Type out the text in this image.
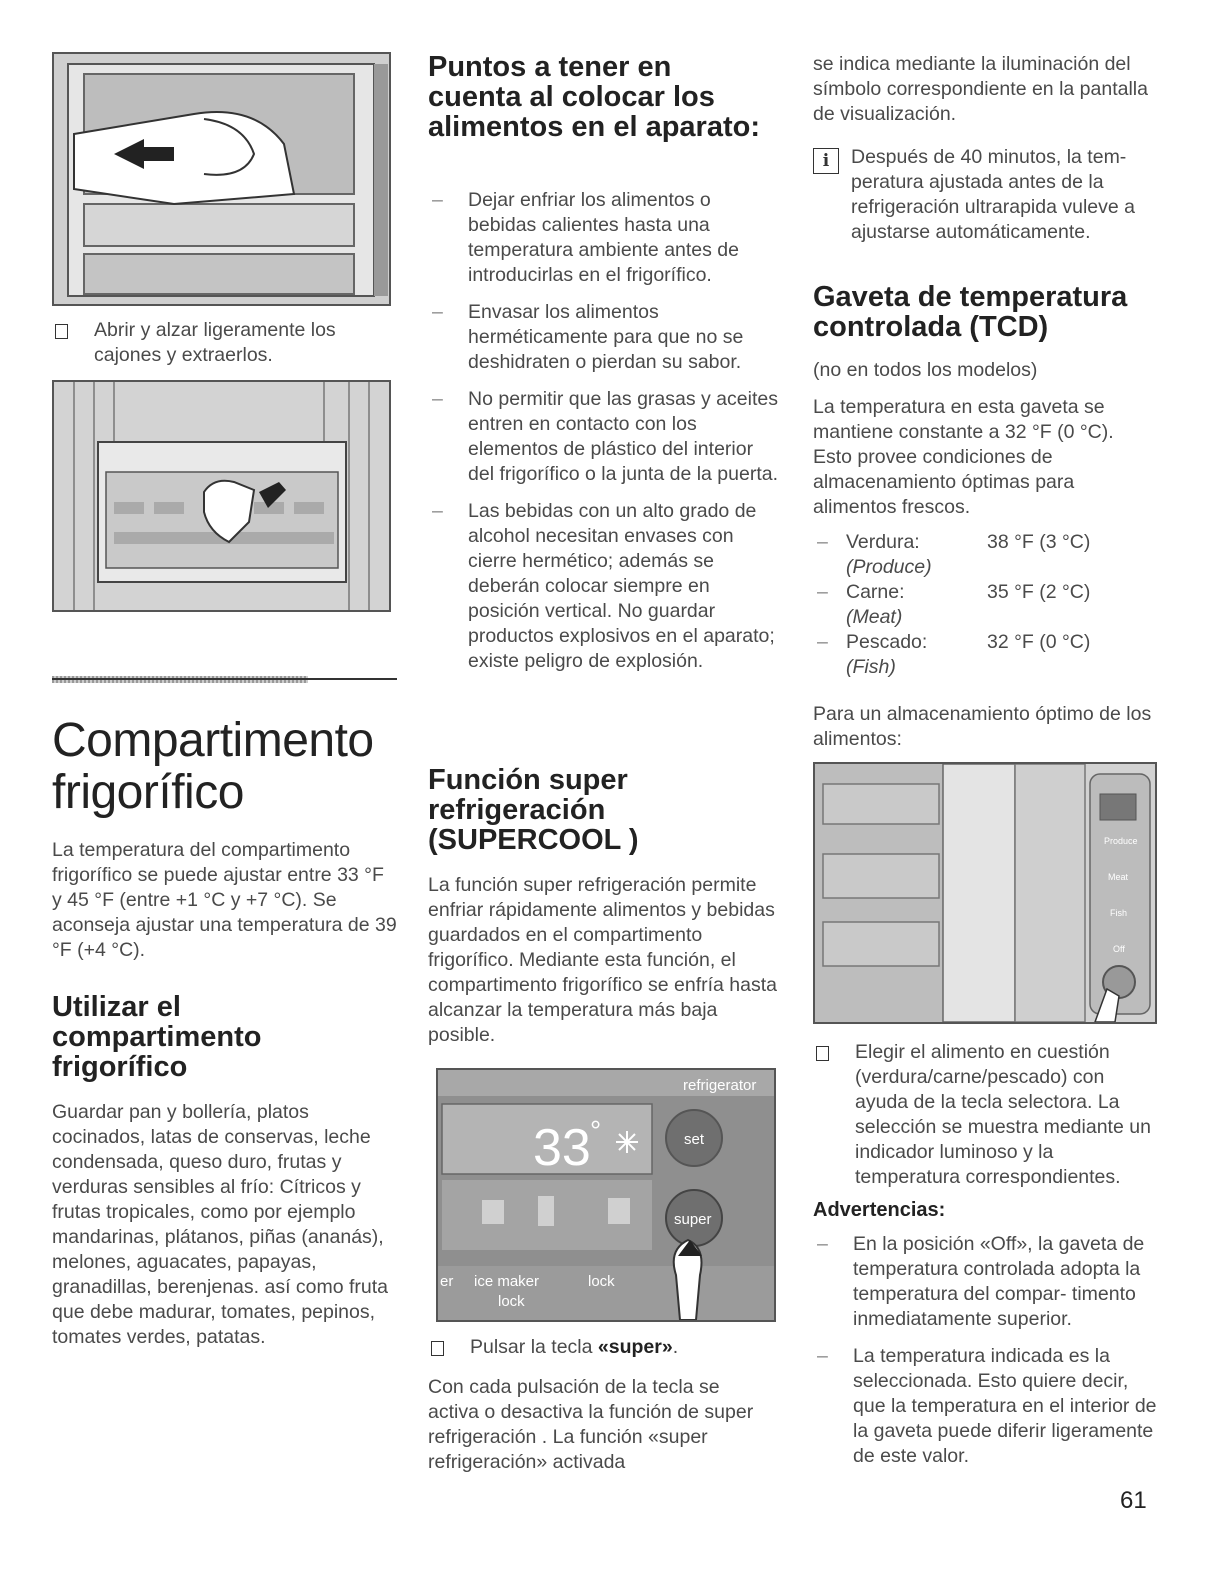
Abrir y alzar ligeramente los cajones y extraerlos.
Compartimento frigorífico

La temperatura del compartimento frigorífico se puede ajustar entre 33 °F y 45 °F (entre +1 °C y +7 °C). Se aconseja ajustar una temperatura de 39 °F (+4 °C).

Utilizar el compartimento frigorífico

Guardar pan y bollería, platos cocinados, latas de conservas, leche condensada, queso duro, frutas y verduras sensibles al frío: Cítricos y frutas tropicales, como por ejemplo mandarinas, plátanos, piñas (ananás), melones, aguacates, papayas, granadillas, berenjenas. así como fruta que debe madurar, tomates, pepinos, tomates verdes, patatas.

Puntos a tener en cuenta al colocar los alimentos en el aparato:
– Dejar enfriar los alimentos o bebidas calientes hasta una temperatura ambiente antes de introducirlas en el frigorífico.
– Envasar los alimentos herméticamente para que no se deshidraten o pierdan su sabor.
– No permitir que las grasas y aceites entren en contacto con los elementos de plástico del interior del frigorífico o la junta de la puerta.
– Las bebidas con un alto grado de alcohol necesitan envases con cierre hermético; además se deberán colocar siempre en posición vertical. No guardar productos explosivos en el aparato; existe peligro de explosión.
Función super refrigeración (SUPERCOOL )

La función super refrigeración permite enfriar rápidamente alimentos y bebidas guardados en el compartimento frigorífico. Mediante esta función, el compartimento frigorífico se enfría hasta alcanzar la temperatura más baja posible.

refrigerator
33 °	set
super
er ice maker
lock
lock
Pulsar la tecla «super».

Con cada pulsación de la tecla se activa o desactiva la función de super refrigeración . La función «super refrigeración» activada

se indica mediante la iluminación del símbolo correspondiente en la pantalla de visualización.

i	Después de 40 minutos, la tem- peratura ajustada antes de la refrigeración ultrarapida vuleve a ajustarse automáticamente.
Gaveta de temperatura controlada (TCD)

(no en todos los modelos)

La temperatura en esta gaveta se mantiene constante a 32 °F (0 °C). Esto provee condiciones de almacenamiento óptimas para alimentos frescos.

– Verdura:	38 °F (3 °C)
(Produce)
– Carne:	35 °F (2 °C)
(Meat)
– Pescado:	32 °F (0 °C)
(Fish)

Para un almacenamiento óptimo de los alimentos:

Produce
Meat
Fish
Off
Elegir el alimento en cuestión (verdura/carne/pescado) con ayuda de la tecla selectora. La selección se muestra mediante un indicador luminoso y la temperatura correspondientes.
Advertencias:
– En la posición «Off», la gaveta de temperatura controlada adopta la temperatura del compar- timento inmediatamente superior.
– La temperatura indicada es la seleccionada. Esto quiere decir, que la temperatura en el interior de la gaveta puede diferir ligeramente de este valor.
61
